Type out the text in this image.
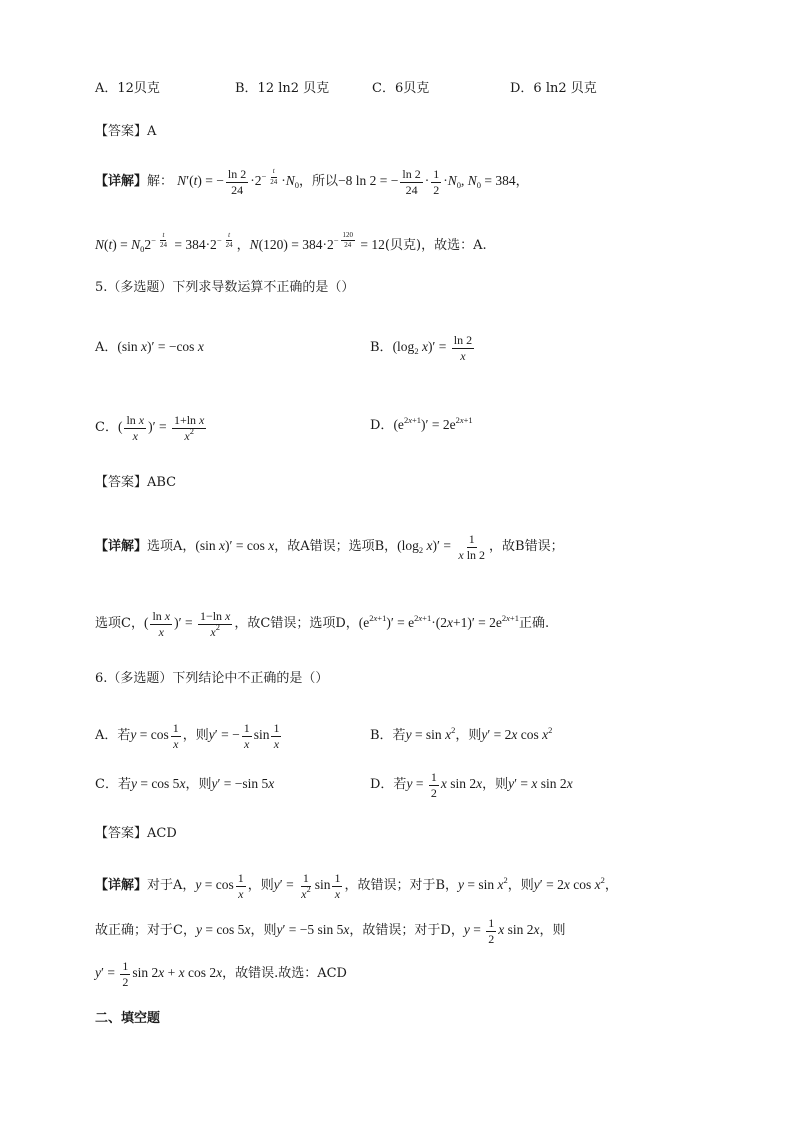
A．12贝克	B．12 ln2 贝克	C．6贝克	D．6 ln2 贝克
【答案】A
【详解】解： N′(t) = − $\frac{\ln 2}{24} \cdot 2^{- \frac{t}{24}} \cdot N_0$，所以−8 ln 2 = − $\frac{\ln 2}{24} \cdot \frac{1}{2} \cdot N_0$, $N_0 = 384$，
$N(t) = N_02^{- \frac{t}{24}} = 384\cdot 2^{- \frac{t}{24}}$ ，$N(120) = 384\cdot 2^{- \frac{120}{24}} = 12$(贝克)，故选：A.
5.（多选题）下列求导数运算不正确的是（）
A．(sin x)′ = −cos x	B．($\log_2$ $x)' = \frac{\ln 2}{x}$
C．( $\frac{\text{ln x}}{x}$ )′ = $\frac{\text{1+ln x}}{x^2}$	D．$(e^{2x+1})' = 2e^{2x+1}$
【答案】ABC
【详解】选项A，(sin x)′ = cos x，故A错误；选项B，($\log_2$ $x)' = \frac{1}{\text{x ln 2}}$ ，故B错误；
选项C，( $\frac{\text{ln x}}{x}$ )′ = $\frac{\text{1−ln x}}{x^2}$ ，故C错误；选项D，$(e^{2x+1})' = e^{2x+1}\cdot(2x+1)' = 2e^{2x+1}$正确.
6.（多选题）下列结论中不正确的是（）
A．若$y = \cos \frac{1}{x}$ ，则y′ = − $\frac{1}{x}$ $\sin \frac{1}{x}$	B．若$y = \sin x^2$，则y′ = 2x $\cos x^2$
C．若y = cos 5x，则y′ = −sin 5x	D．若$y = \frac{1}{2}$ x sin 2x，则y′ = x sin 2x
【答案】ACD
【详解】对于A，$y = \cos \frac{1}{x}$ ，则$y' = \frac{1}{x^2}$ $\sin \frac{1}{x}$ ，故错误；对于B，$y = \sin x^2$，则y′ = 2x $\cos x^2$，
故正确；对于C，y = cos 5x，则y′ = −5 sin 5x，故错误；对于D，$y = \frac{1}{2}$ x sin 2x，则
$y' = \frac{1}{2}$ sin 2x + x cos 2x，故错误.故选：ACD
二、填空题
